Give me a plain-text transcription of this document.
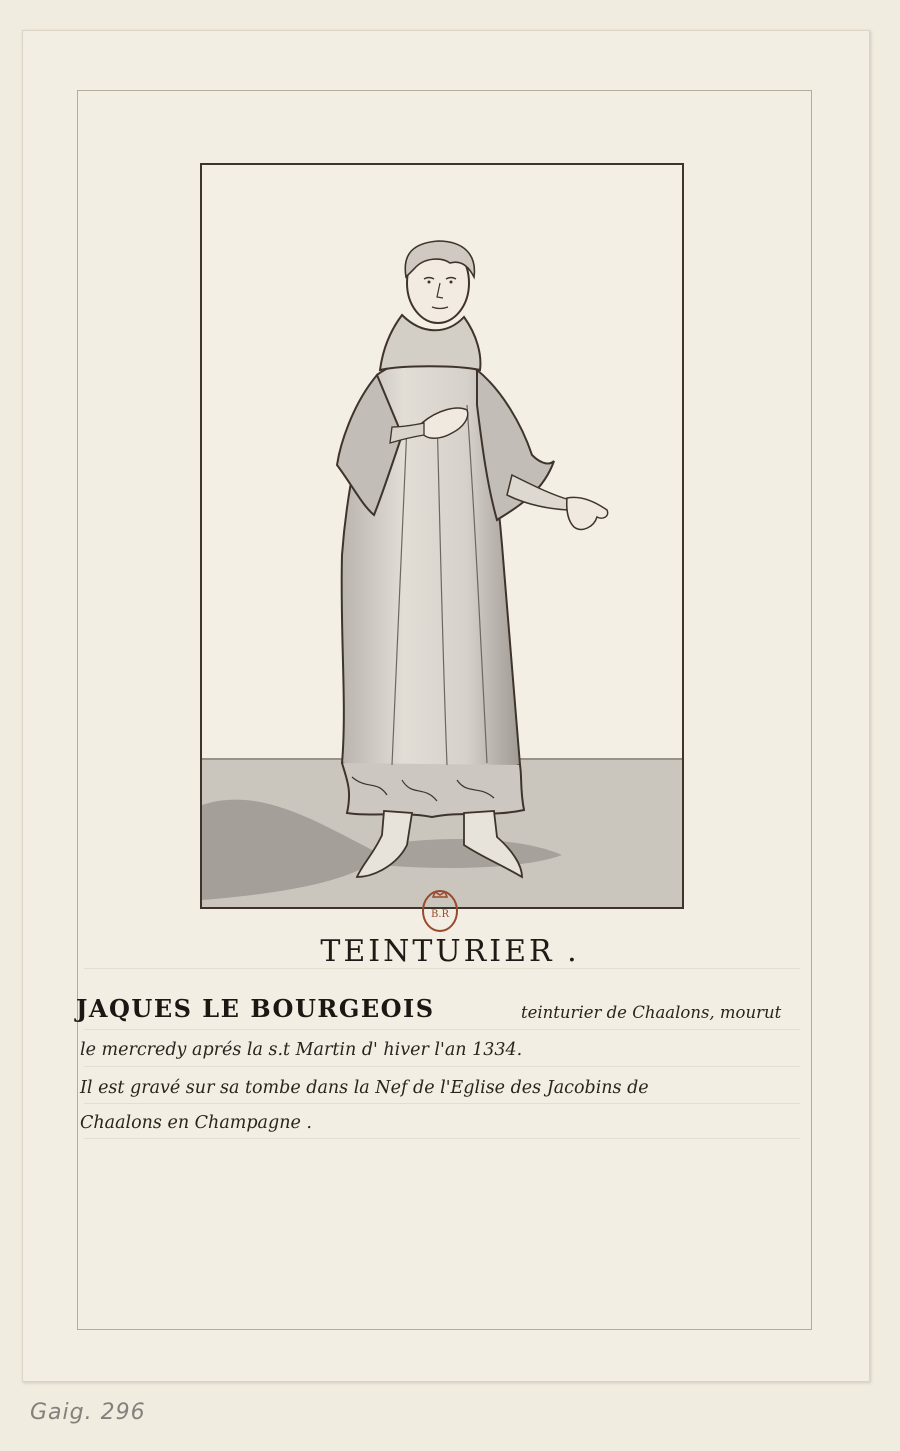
B.R
TEINTURIER .
JAQUES LE BOURGEOIS	teinturier de Chaalons, mourut
le mercredy aprés la s.t Martin d' hiver l'an 1334.
Il est gravé sur sa tombe dans la Nef de l'Eglise des Jacobins de
Chaalons en Champagne .
Gaig. 296
